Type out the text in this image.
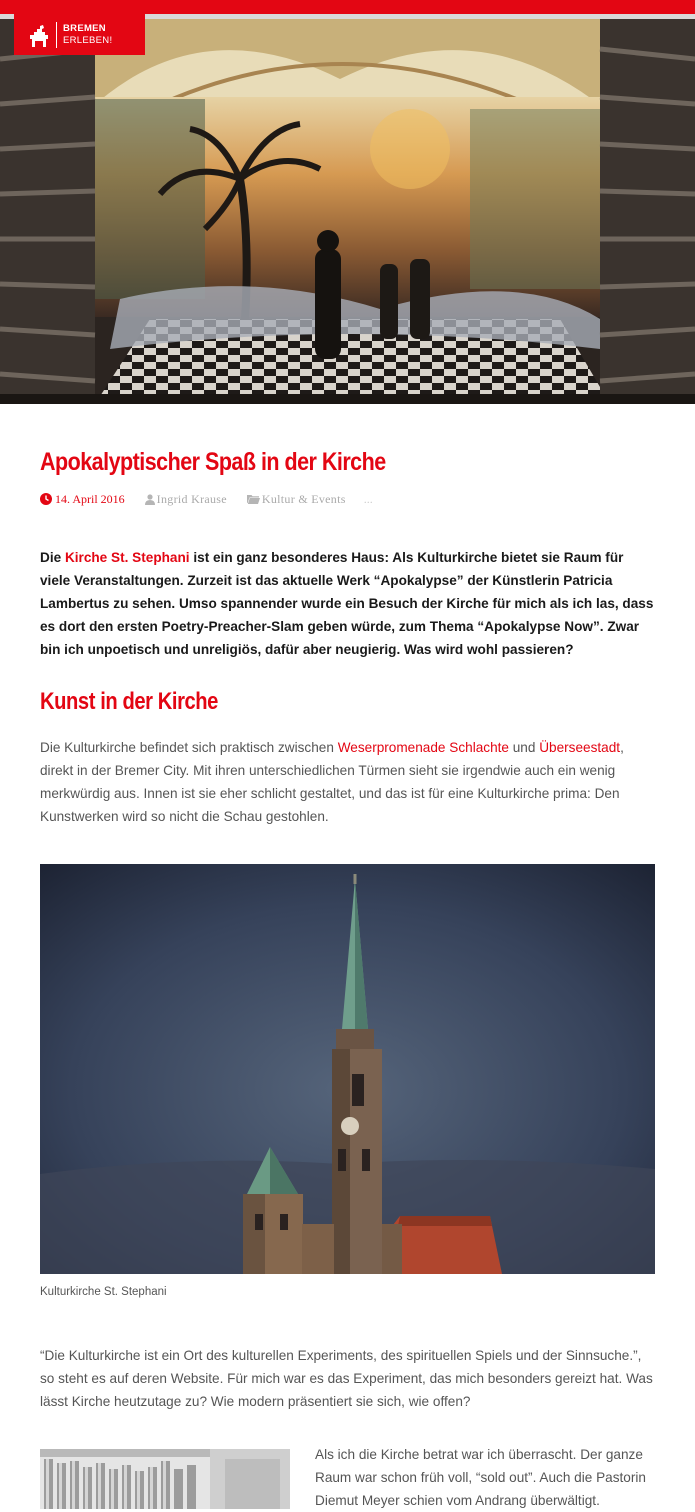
BREMEN
ERLEBEN!
Apokalyptischer Spaß in der Kirche
14. April 2016	Ingrid Krause	Kultur & Events ...

Die Kirche St. Stephani ist ein ganz besonderes Haus: Als Kulturkirche bietet sie Raum für viele Veranstaltungen. Zurzeit ist das aktuelle Werk “Apokalypse” der Künstlerin Patricia Lambertus zu sehen. Umso spannender wurde ein Besuch der Kirche für mich als ich las, dass es dort den ersten Poetry-Preacher-Slam geben würde, zum Thema “Apokalypse Now”. Zwar bin ich unpoetisch und unreligiös, dafür aber neugierig. Was wird wohl passieren?

Kunst in der Kirche

Die Kulturkirche befindet sich praktisch zwischen Weserpromenade Schlachte und Überseestadt, direkt in der Bremer City. Mit ihren unterschiedlichen Türmen sieht sie irgendwie auch ein wenig merkwürdig aus. Innen ist sie eher schlicht gestaltet, und das ist für eine Kulturkirche prima: Den Kunstwerken wird so nicht die Schau gestohlen.

Kulturkirche St. Stephani

“Die Kulturkirche ist ein Ort des kulturellen Experiments, des spirituellen Spiels und der Sinnsuche.”, so steht es auf deren Website. Für mich war es das Experiment, das mich besonders gereizt hat. Was lässt Kirche heutzutage zu? Wie modern präsentiert sie sich, wie offen?

Als ich die Kirche betrat war ich überrascht. Der ganze Raum war schon früh voll, “sold out”. Auch die Pastorin Diemut Meyer schien vom Andrang überwältigt.
